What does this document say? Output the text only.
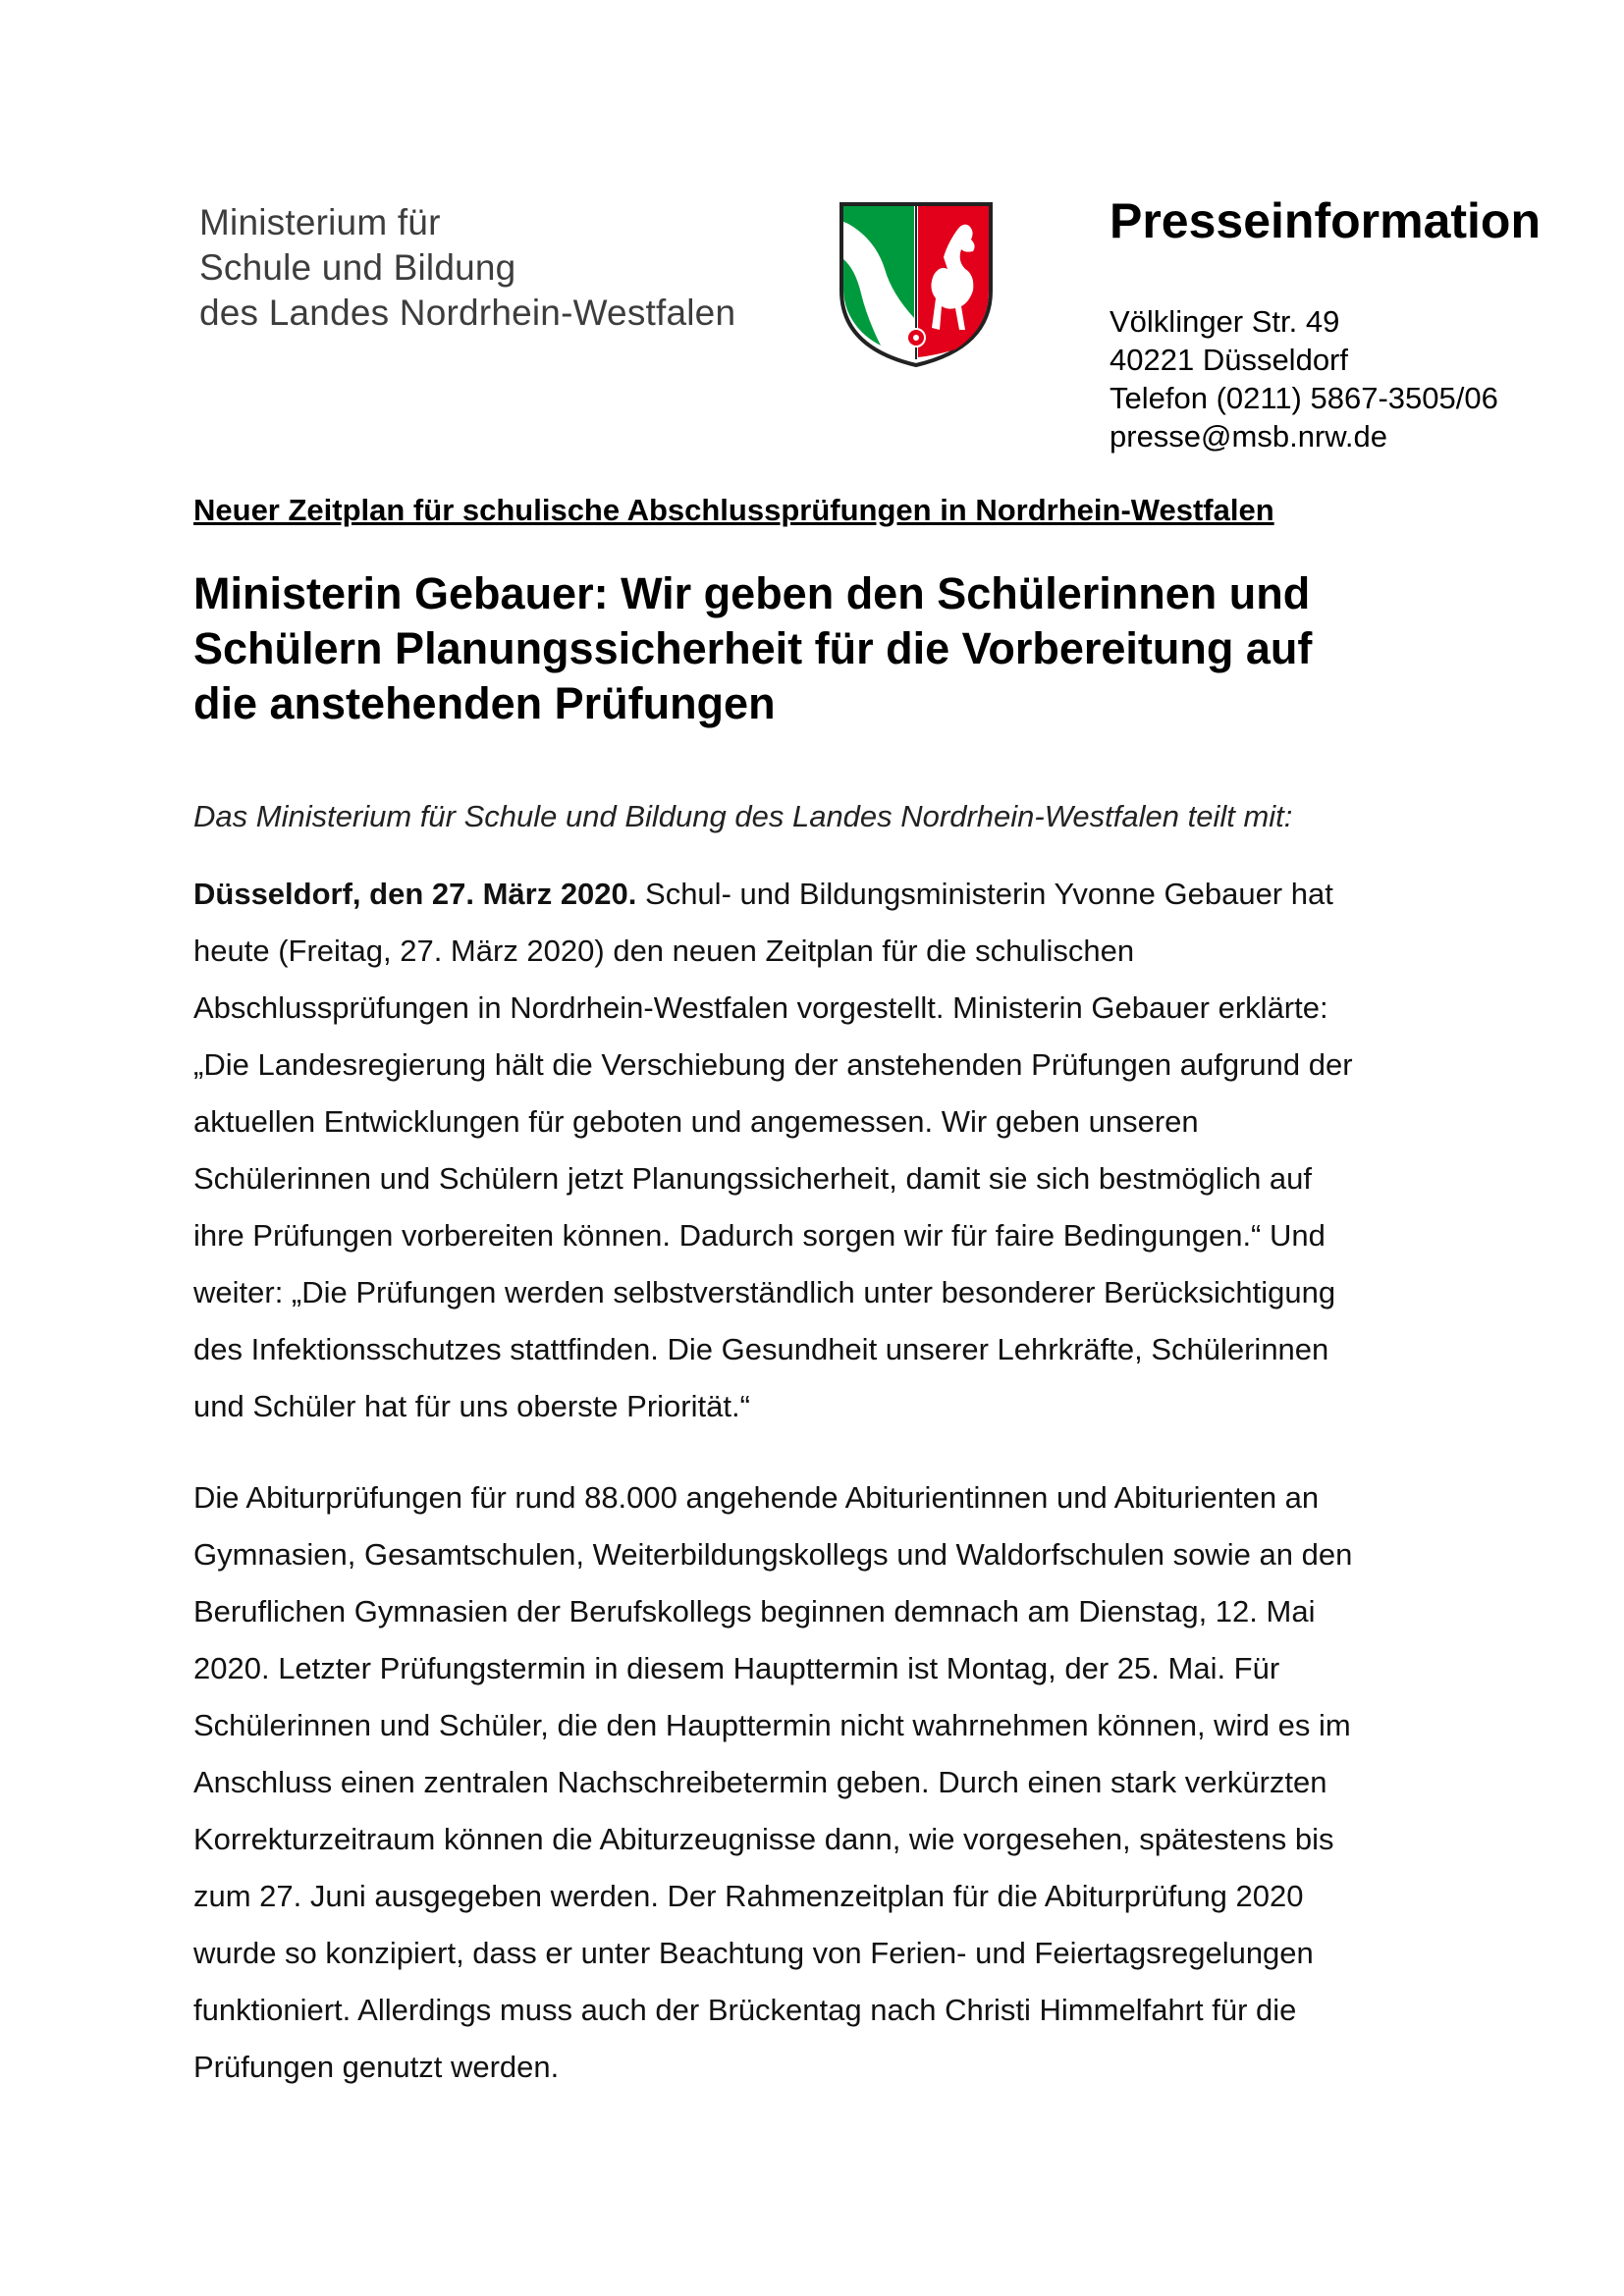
Ministerium für
Schule und Bildung
des Landes Nordrhein-Westfalen
Presseinformation
Völklinger Str. 49
40221 Düsseldorf
Telefon (0211) 5867-3505/06
presse@msb.nrw.de
Neuer Zeitplan für schulische Abschlussprüfungen in Nordrhein-Westfalen
Ministerin Gebauer: Wir geben den Schülerinnen und
Schülern Planungssicherheit für die Vorbereitung auf
die anstehenden Prüfungen
Das Ministerium für Schule und Bildung des Landes Nordrhein-Westfalen teilt mit:
Düsseldorf, den 27. März 2020. Schul- und Bildungsministerin Yvonne Gebauer hat
heute (Freitag, 27. März 2020) den neuen Zeitplan für die schulischen
Abschlussprüfungen in Nordrhein-Westfalen vorgestellt. Ministerin Gebauer erklärte:
„Die Landesregierung hält die Verschiebung der anstehenden Prüfungen aufgrund der
aktuellen Entwicklungen für geboten und angemessen. Wir geben unseren
Schülerinnen und Schülern jetzt Planungssicherheit, damit sie sich bestmöglich auf
ihre Prüfungen vorbereiten können. Dadurch sorgen wir für faire Bedingungen.“ Und
weiter: „Die Prüfungen werden selbstverständlich unter besonderer Berücksichtigung
des Infektionsschutzes stattfinden. Die Gesundheit unserer Lehrkräfte, Schülerinnen
und Schüler hat für uns oberste Priorität.“
Die Abiturprüfungen für rund 88.000 angehende Abiturientinnen und Abiturienten an
Gymnasien, Gesamtschulen, Weiterbildungskollegs und Waldorfschulen sowie an den
Beruflichen Gymnasien der Berufskollegs beginnen demnach am Dienstag, 12. Mai
2020. Letzter Prüfungstermin in diesem Haupttermin ist Montag, der 25. Mai. Für
Schülerinnen und Schüler, die den Haupttermin nicht wahrnehmen können, wird es im
Anschluss einen zentralen Nachschreibetermin geben. Durch einen stark verkürzten
Korrekturzeitraum können die Abiturzeugnisse dann, wie vorgesehen, spätestens bis
zum 27. Juni ausgegeben werden. Der Rahmenzeitplan für die Abiturprüfung 2020
wurde so konzipiert, dass er unter Beachtung von Ferien- und Feiertagsregelungen
funktioniert. Allerdings muss auch der Brückentag nach Christi Himmelfahrt für die
Prüfungen genutzt werden.
